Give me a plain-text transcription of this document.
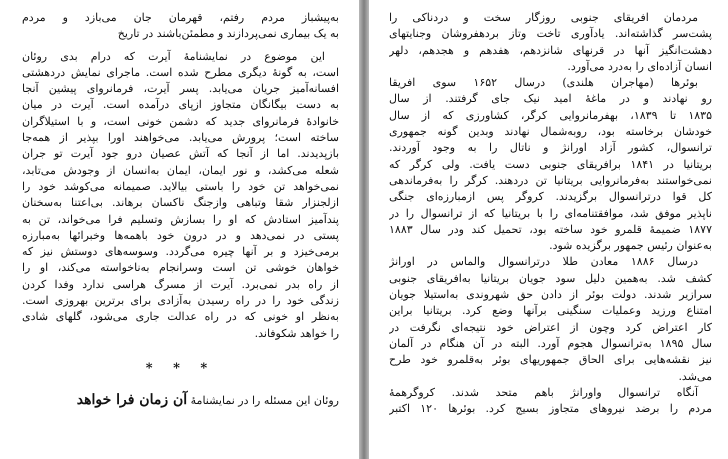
به‌پیشباز مردم رفتم، قهرمان جان می‌بازد و مردم
به یک بیماری نمی‌پردازند و مطمئن‌باشند در تاریخ
این موضوع در نمایشنامهٔ آیرت که درام بدی روئان
است، به گونهٔ دیگری مطرح شده است. ماجرای نمایش دردهشتی
افسانه‌آمیز جریان می‌یابد. پسر آیرت، فرمانروای پیشین آنجا
به دست بیگانگان متجاوز ازپای درآمده است. آیرت در میان
خانوادهٔ فرمانروای جدید که دشمن خونی است، و با استیلاگران
ساخته است؛ پرورش می‌یابد. می‌خواهند اورا بپذیر از همه‌جا
بازپدیدند. اما از آنجا که آتش عصیان درو جود آیرت تو جران
شعله می‌کشد، و نور ایمان، ایمان به‌انسان از وجودش می‌تابد،
نمی‌خواهد تن خود را باستی بیالاید. صمیمانه می‌کوشد خود را
ازلجنزار شقا وتباهی وازجنگ ناکسان برهاند. بی‌اعتنا به‌سخنان
پندآمیز استادش که او را بسازش وتسلیم فرا می‌خواند، تن به
پستی در نمی‌دهد و در درون خود باهمه‌ها وخبرائها به‌مبارزه
برمی‌خیزد و بر آنها چیره می‌گردد. وسوسه‌های دوستش نیز که
خواهان خوشی تن است وسرانجام به‌ناخواسته می‌کند، او را
از راه بدر نمی‌برد. آیرت از مسرگ هراسی ندارد وفدا کردن
زندگی خود را در راه رسیدن به‌آزادی برای برترین بهروزی است.
به‌نظر او خونی که در راه عدالت جاری می‌شود، گلهای شادی
را خواهد شکوفاند.
* * *
روئان این مسئله را در نمایشنامهٔ آن زمان فرا خواهد
مردمان افریقای جنوبی روزگار سخت و دردناکی را
پشت‌سر گذاشته‌اند. یادآوری تاخت وتاز بردهفروشان وجنایتهای
دهشت‌انگیز آنها در قرنهای شانزدهم، هفدهم و هجدهم، دلهر
انسان آزاده‌ای را به‌درد می‌آورد.
بوئرها (مهاجران هلندی) درسال ۱۶۵۲ سوی افریقا
رو نهادند و در ماغهٔ امید نیک جای گرفتند. از سال
۱۸۳۵ تا ۱۸۳۹، بهفرمانروایی کرگر، کشاورزی که از سال
خودشان برخاسته بود، روبه‌شمال نهادند وبدین گونه جمهوری
ترانسوال، کشور آزاد اورانژ و ناتال را به وجود آوردند.
بریتانیا در ۱۸۴۱ برافریقای جنوبی دست یافت. ولی کرگر که
نمی‌خواستند به‌فرمانروایی بریتانیا تن دردهند. کرگر را به‌فرماندهی
کل قوا درترانسوال برگزیدند. کروگر پس ازمبارزه‌ای جنگی
ناپذیر موفق شد، موافقتنامه‌ای را با بریتانیا که از ترانسوال را در
۱۸۷۷ ضمیمهٔ قلمرو خود ساخته بود، تحمیل کند ودر سال ۱۸۸۳
به‌عنوان رئیس جمهور برگزیده شود.
درسال ۱۸۸۶ معادن طلا درترانسوال والماس در اورانژ
کشف شد. به‌همین دلیل سود جویان بریتانیا به‌افریقای جنوبی
سرازیر شدند. دولت بوئر از دادن حق شهروندی به‌استیلا جویان
امتناع ورزید وعملیات سنگینی برآنها وضع کرد. بریتانیا براین
کار اعتراض کرد وچون از اعتراض خود نتیجه‌ای نگرفت در
سال ۱۸۹۵ به‌ترانسوال هجوم آورد. البته در آن هنگام در آلمان
نیز نقشه‌هایی برای الحاق جمهوریهای بوئر به‌قلمرو خود طرح
می‌شد.
آنگاه ترانسوال واورانژ باهم متحد شدند. کروگرهمهٔ
مردم را برضد نیروهای متجاوز بسیج کرد. بوئرها ۱۲۰ اکتبر
